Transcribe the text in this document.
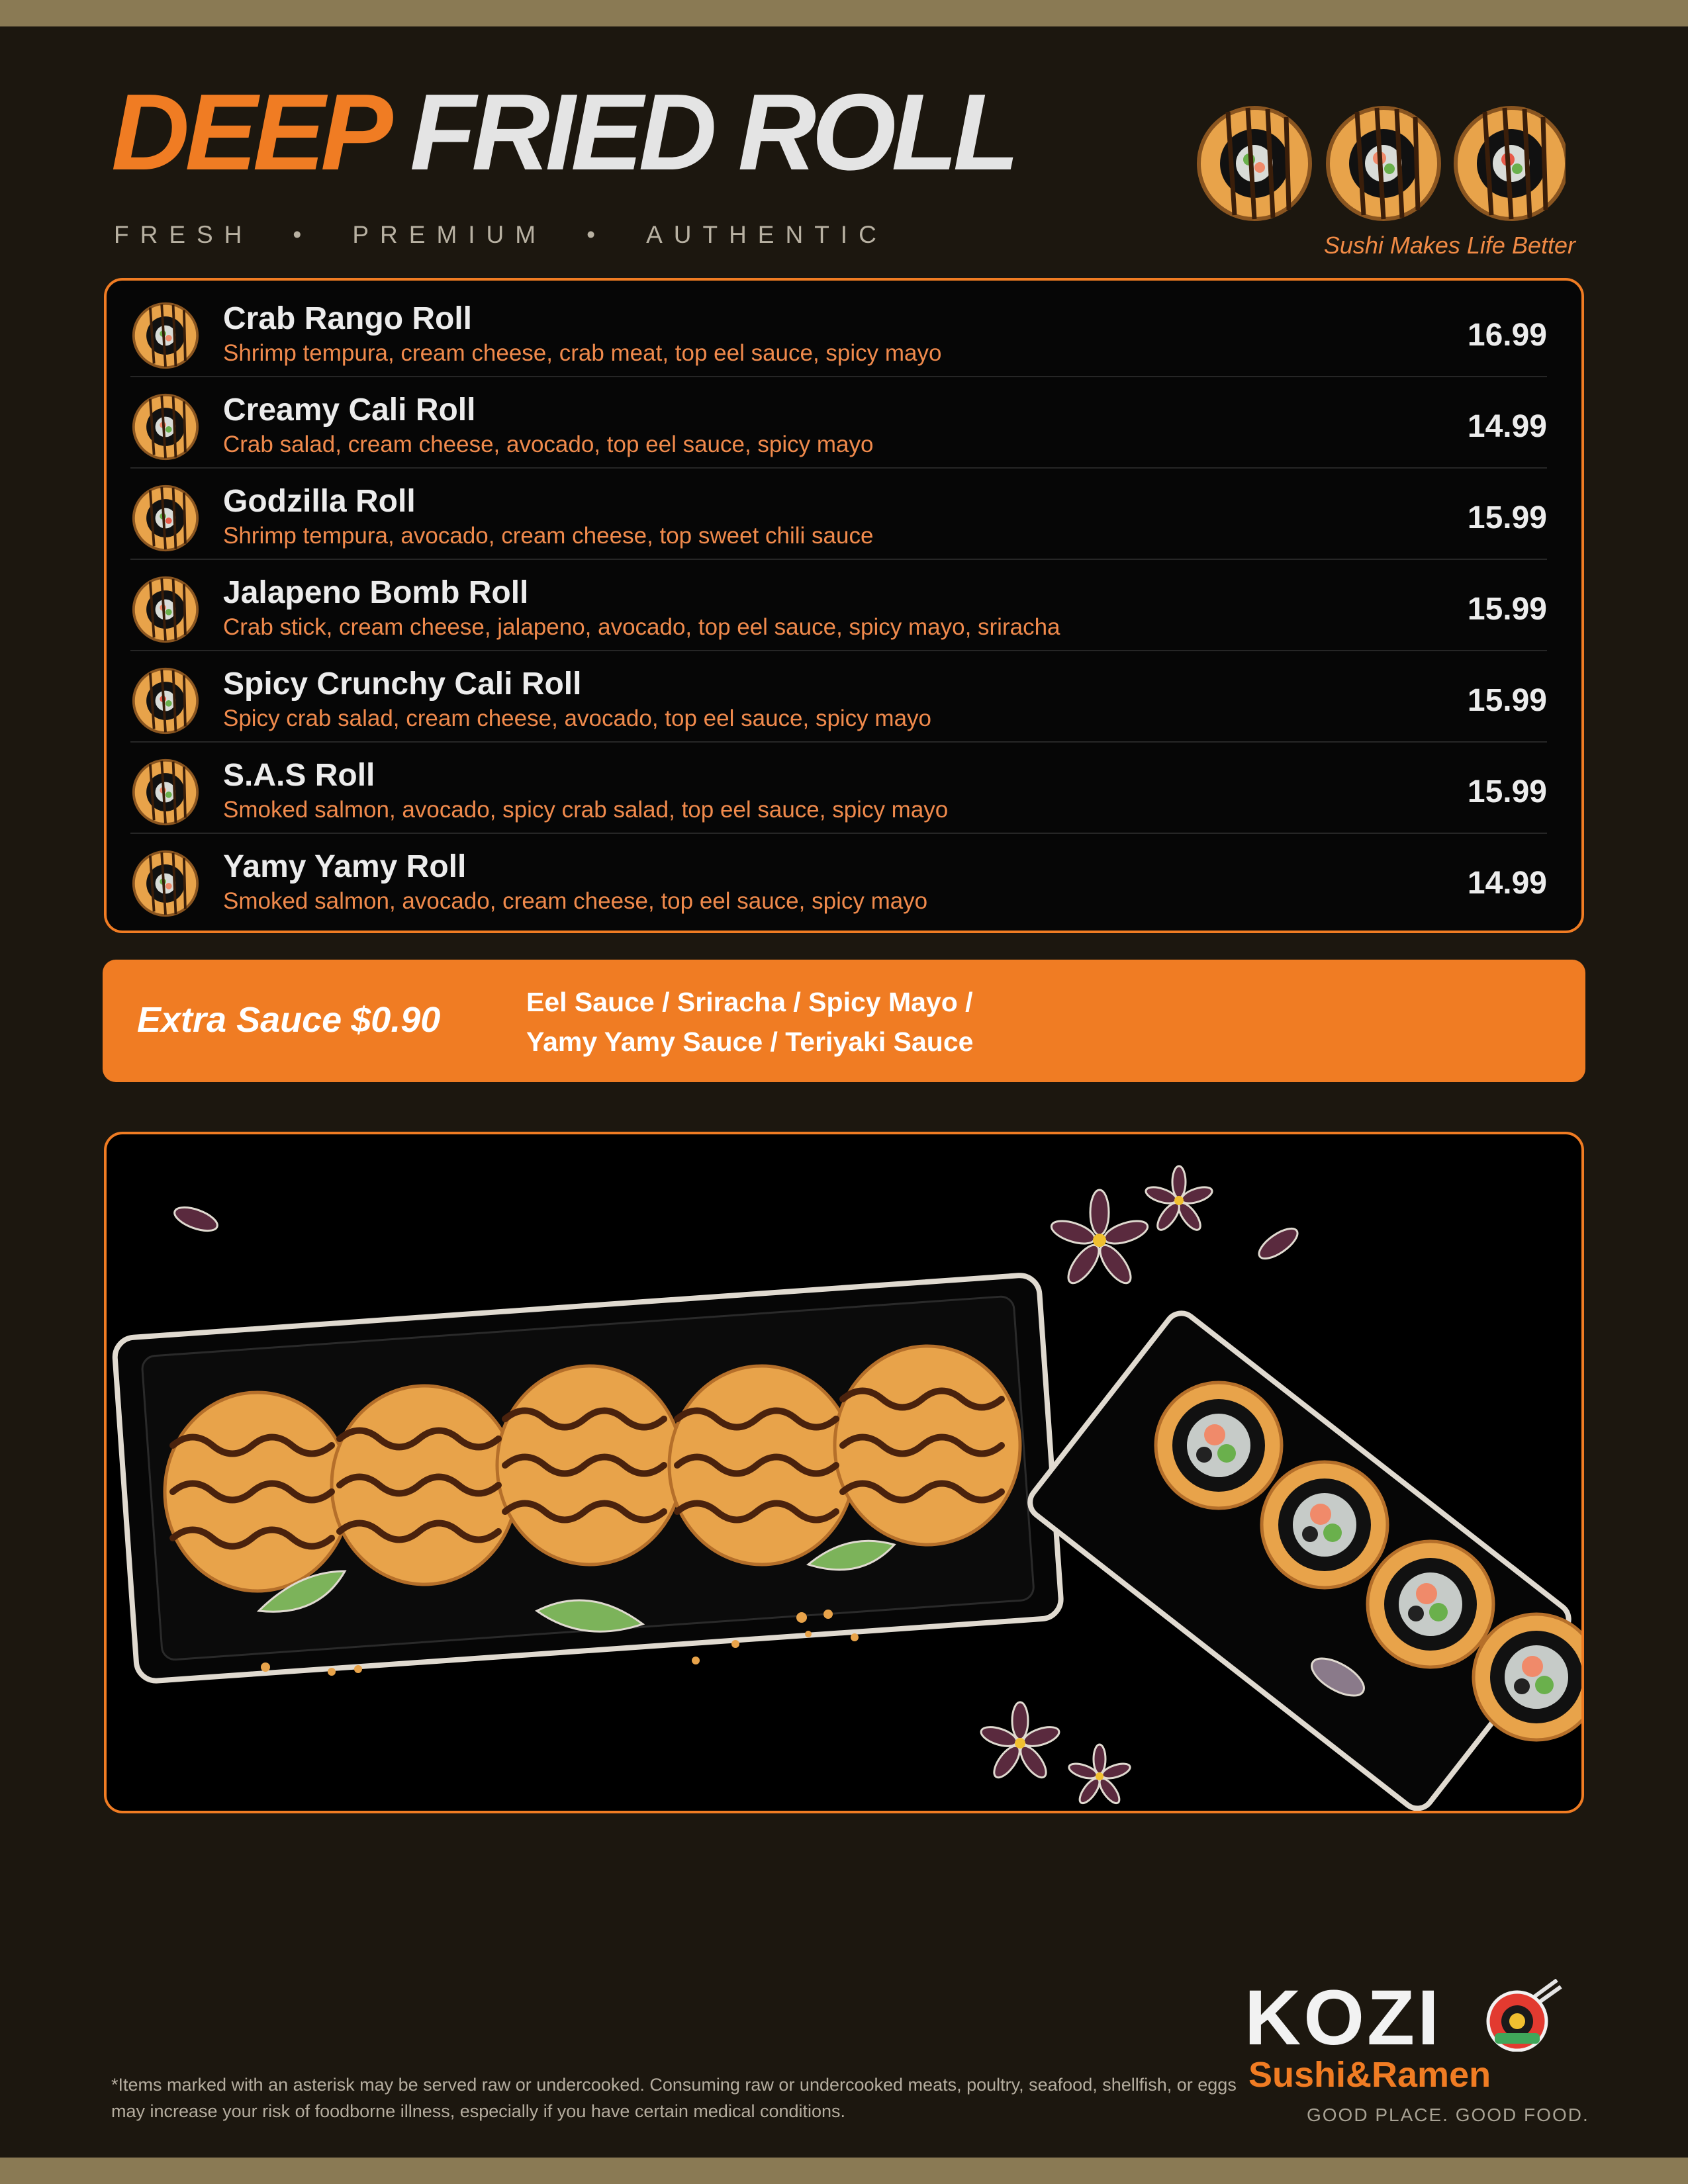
DEEP FRIED ROLL
FRESH • PREMIUM • AUTHENTIC	Sushi Makes Life Better
Crab Rango Roll
Shrimp tempura, cream cheese, crab meat, top eel sauce, spicy mayo
16.99
Creamy Cali Roll
Crab salad, cream cheese, avocado, top eel sauce, spicy mayo
14.99
Godzilla Roll
Shrimp tempura, avocado, cream cheese, top sweet chili sauce
15.99
Jalapeno Bomb Roll
Crab stick, cream cheese, jalapeno, avocado, top eel sauce, spicy mayo, sriracha
15.99
Spicy Crunchy Cali Roll
Spicy crab salad, cream cheese, avocado, top eel sauce, spicy mayo
15.99
S.A.S Roll
Smoked salmon, avocado, spicy crab salad, top eel sauce, spicy mayo
15.99
Yamy Yamy Roll
Smoked salmon, avocado, cream cheese, top eel sauce, spicy mayo
14.99
Extra Sauce $0.90	Eel Sauce / Sriracha / Spicy Mayo /
Yamy Yamy Sauce / Teriyaki Sauce
*Items marked with an asterisk may be served raw or undercooked. Consuming raw or undercooked meats, poultry, seafood, shellfish, or eggs may increase your risk of foodborne illness, especially if you have certain medical conditions.
KOZI
Sushi&Ramen
GOOD PLACE. GOOD FOOD.
